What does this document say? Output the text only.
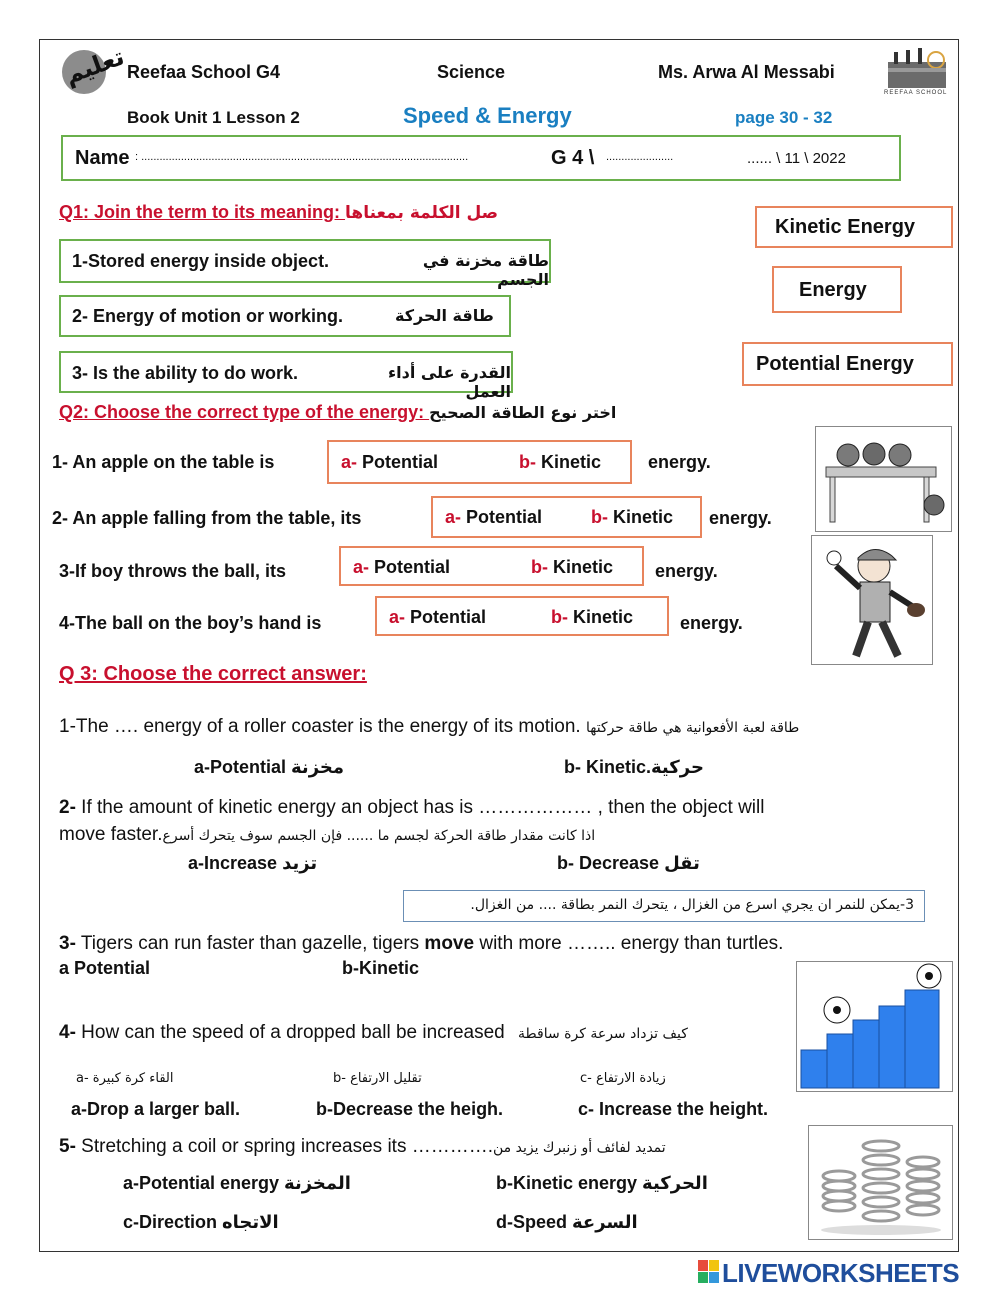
تعليم Reefaa School G4	Science	Ms. Arwa Al Messabi
REEFAA SCHOOL
Book Unit 1 Lesson 2	Speed & Energy	page 30 - 32
Name : ...........................................................................................................	G 4 \ ......................	...... \ 11 \ 2022
Q1: Join the term to its meaning: صل الكلمة بمعناها
1-Stored energy inside object.	طاقة مخزنة في الجسم
2- Energy of motion or working.	طاقة الحركة
3- Is the ability to do work.	القدرة على أداء العمل
Kinetic Energy
Energy
Potential Energy
Q2: Choose the correct type of the energy: اختر نوع الطاقة الصحيح
1- An apple on the table is	a- Potential	b- Kinetic	energy.
2- An apple falling from the table, its	a- Potential	b- Kinetic energy.
3-If boy throws the ball, its	a- Potential	b- Kinetic energy.
4-The ball on the boy’s hand is	a- Potential	b- Kinetic	energy.
Q 3: Choose the correct answer:
1-The …. energy of a roller coaster is the energy of its motion. طاقة لعبة الأفعوانية هي طاقة حركتها
a-Potential مخزنة	b- Kinetic.حركية
2- If the amount of kinetic energy an object has is ……………… , then the object will
move faster. اذا كانت مقدار طاقة الحركة لجسم ما ...... فإن الجسم سوف يتحرك أسرع
a-Increase تزيد	b- Decrease تقل
3-يمكن للنمر ان يجري اسرع من الغزال ، يتحرك النمر بطاقة .... من الغزال.
3- Tigers can run faster than gazelle, tigers move with more …….. energy than turtles.
a Potential	b-Kinetic
4- How can the speed of a dropped ball be increased كيف تزداد سرعة كرة ساقطة
القاء كرة كبيرة -a	تقليل الارتفاع -b	زيادة الارتفاع -c
a-Drop a larger ball.	b-Decrease the heigh.	c- Increase the height.
5- Stretching a coil or spring increases its ………….تمديد لفائف أو زنبرك يزيد من
a-Potential energy المخزنة	b-Kinetic energy الحركية
c-Direction الاتجاه	d-Speed السرعة
LIVEWORKSHEETS
